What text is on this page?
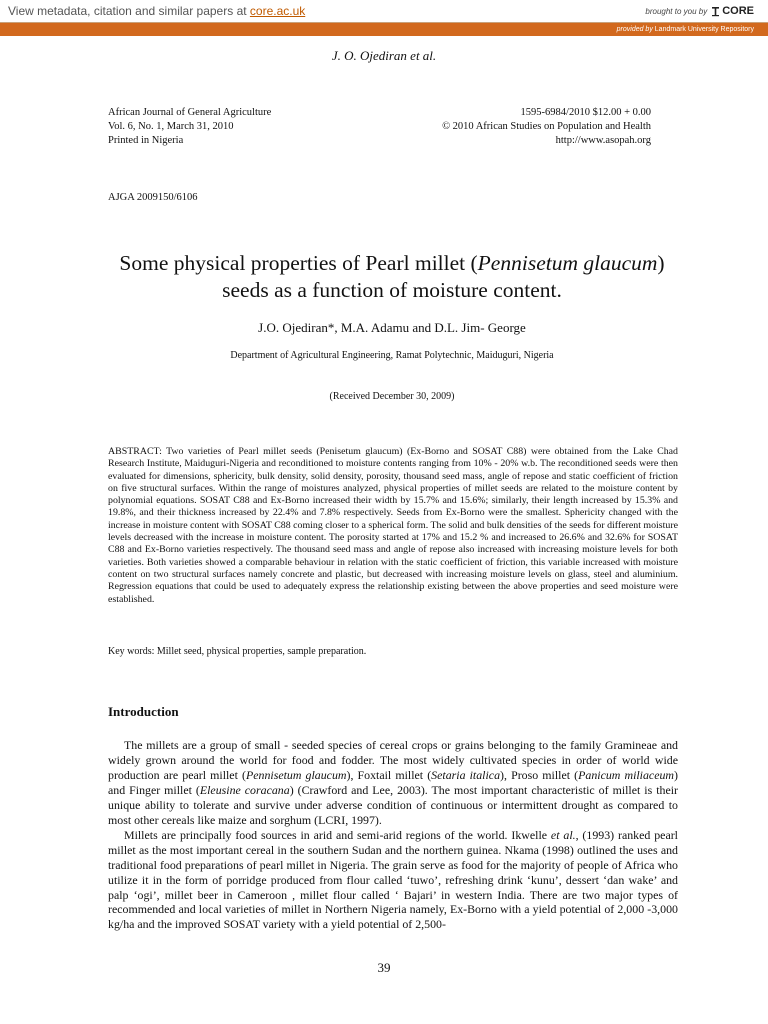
View metadata, citation and similar papers at core.ac.uk	brought to you by CORE
provided by Landmark University Repository
J. O. Ojediran et al.
African Journal of General Agriculture
Vol. 6, No. 1, March 31, 2010
Printed in Nigeria
1595-6984/2010 $12.00 + 0.00
© 2010 African Studies on Population and Health
http://www.asopah.org
AJGA 2009150/6106
Some physical properties of Pearl millet (Pennisetum glaucum) seeds as a function of moisture content.
J.O. Ojediran*, M.A. Adamu and D.L. Jim- George
Department of Agricultural Engineering, Ramat Polytechnic, Maiduguri, Nigeria
(Received December 30, 2009)
ABSTRACT: Two varieties of Pearl millet seeds (Penisetum glaucum) (Ex-Borno and SOSAT C88) were obtained from the Lake Chad Research Institute, Maiduguri-Nigeria and reconditioned to moisture contents ranging from 10% - 20% w.b. The reconditioned seeds were then evaluated for dimensions, sphericity, bulk density, solid density, porosity, thousand seed mass, angle of repose and static coefficient of friction on five structural surfaces. Within the range of moistures analyzed, physical properties of millet seeds are related to the moisture content by polynomial equations. SOSAT C88 and Ex-Borno increased their width by 15.7% and 15.6%; similarly, their length increased by 15.3% and 19.8%, and their thickness increased by 22.4% and 7.8% respectively. Seeds from Ex-Borno were the smallest. Sphericity changed with the increase in moisture content with SOSAT C88 coming closer to a spherical form. The solid and bulk densities of the seeds for different moisture levels decreased with the increase in moisture content. The porosity started at 17% and 15.2 % and increased to 26.6% and 32.6% for SOSAT C88 and Ex-Borno varieties respectively. The thousand seed mass and angle of repose also increased with increasing moisture levels for both varieties. Both varieties showed a comparable behaviour in relation with the static coefficient of friction, this variable increased with moisture content on two structural surfaces namely concrete and plastic, but decreased with increasing moisture levels on glass, steel and aluminium. Regression equations that could be used to adequately express the relationship existing between the above properties and seed moisture were established.
Key words: Millet seed, physical properties, sample preparation.
Introduction

The millets are a group of small - seeded species of cereal crops or grains belonging to the family Gramineae and widely grown around the world for food and fodder. The most widely cultivated species in order of world wide production are pearl millet (Pennisetum glaucum), Foxtail millet (Setaria italica), Proso millet (Panicum miliaceum) and Finger millet (Eleusine coracana) (Crawford and Lee, 2003). The most important characteristic of millet is their unique ability to tolerate and survive under adverse condition of continuous or intermittent drought as compared to most other cereals like maize and sorghum (LCRI, 1997).

Millets are principally food sources in arid and semi-arid regions of the world. Ikwelle et al., (1993) ranked pearl millet as the most important cereal in the southern Sudan and the northern guinea. Nkama (1998) outlined the uses and traditional food preparations of pearl millet in Nigeria. The grain serve as food for the majority of people of Africa who utilize it in the form of porridge produced from flour called ‘tuwo’, refreshing drink ‘kunu’, dessert ‘dan wake’ and palp ‘ogi’, millet beer in Cameroon , millet flour called ‘ Bajari’ in western India. There are two major types of recommended and local varieties of millet in Northern Nigeria namely, Ex-Borno with a yield potential of 2,000 -3,000 kg/ha and the improved SOSAT variety with a yield potential of 2,500-

39
